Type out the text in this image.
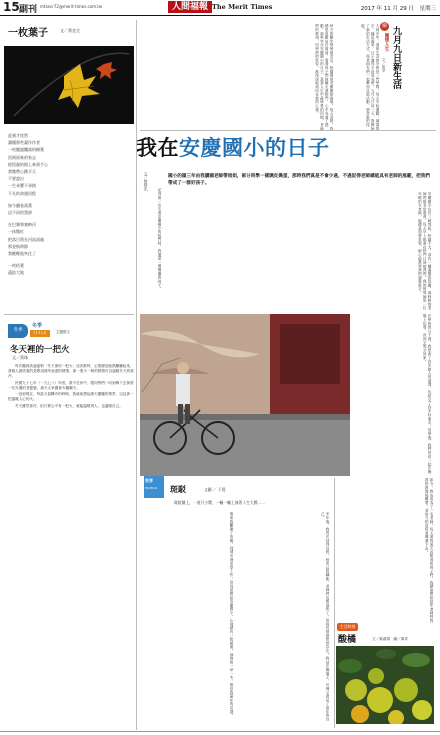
15 副刊 mtsecr72@merit-times.com.tw	人間福報 The Merit Times	2017 年 11 月 29 日　星期三
一枚葉子	文／黃克全
此刻才恍然
讀懂那些畫作作者
一枚隨風飄落的樹葉
回到原來的家去
從恆濕的路上來到手心
我微帶心跳半天
不要說出
一生尋寶不尋路
不凡的命運回程
如今翻卷落葉
這不同的我卻
在巴黎和塞納河
一抹微紅
把落日寫在河流深處
那金秋時節
我輕輕地夾住了
一枚枯葉
還給大地
冬季
冬季
11-12月	主題徵文
冬天裡的一把火
文／黃珠

每次聽到高凌風唱「冬天裡的一把火」這首歌時，心情總是就熱騰騰起來，我個人最欣賞的是歌詞裡所表達的熱情，那一股火一般的熱情可以溫暖冬天的寒冷。

民國九十七年（一九七八）年底，我不在家中，跟同學們一同到鄉下去探望一位年邁的老婆婆，那天大家圍著火爐聊天。

一直到現在，每當天氣轉冷的時候，我就會想起那天圍爐的情景，以及那一把溫暖人心的火。

冬天雖然寒冷，但只要心中有一把火，就能溫暖別人，也溫暖自己。

關
關懷人生 九月九日新生活
文／郭爭
人到中年，退休生活的安排是一門學問，每天早起運動、讀書寫字、種花養草，日子過得平淡而充實。九月九日這一天，我開始了新的生活方式，與老朋友們一起參加社區活動，學習新的技能。
秋天的腳步悄悄地走近，校園裡的老樹開始落葉。每天清晨，我總是喜歡站在窗前，看著孩子們陸續走進校門，心中充滿了感動。那些年在安慶國小的日子，是我人生中最珍貴的回憶，老師們的教誨，同學們的笑容，都深深地烙印在我的心裡。
我在安慶國小的日子
文／曾春光	國小的頭三年由我讀國老師帶姐姐，部分同學一樣調皮搗蛋，那時我們真是不會少過，不過記得老師總能具有老師的風範，把我們帶成了一群好孩子。
記得第一次走進安慶國小的校門時，我還是一個懵懂的孩子。	安慶國小位於三峽郊區，校園不大，卻有一種溫馨的氛圍。那時候的老師們都非常盡責，每天早上都會在校門口迎接我們。我的班導師是一位年輕的女老師，她總是面帶笑容，耐心地教導我們讀書寫字。
在學校的日子裡，我學會了許多做人的道理，也結交了許多好朋友。放學後，我們常常一起在操場上玩耍，直到天黑才回家。
世界
WORLD 斑駁	文圖 ／ 于堤
斑駁牆上，一道只小嬰，一輛一輛上演著人生大戲……
後來我離開了故鄉，到城市裡求學工作，但每當想起安慶國小，心裡總有一股暖流。那裡的一草一木，都是我童年的見證。	多年後，我再次回到母校，校舍已經翻新，老師們也都退休了，但那份情感依然存在。我站在操場上，彷彿又看見了當年的自己。	如今，我也成為了一名老師，每天面對著天真無邪的孩子們，我總會想起當年老師們對我的教誨與關愛，並努力把這份愛傳遞下去。
生活時刻
酸橘	文／葉淑娟　圖／萬祥
